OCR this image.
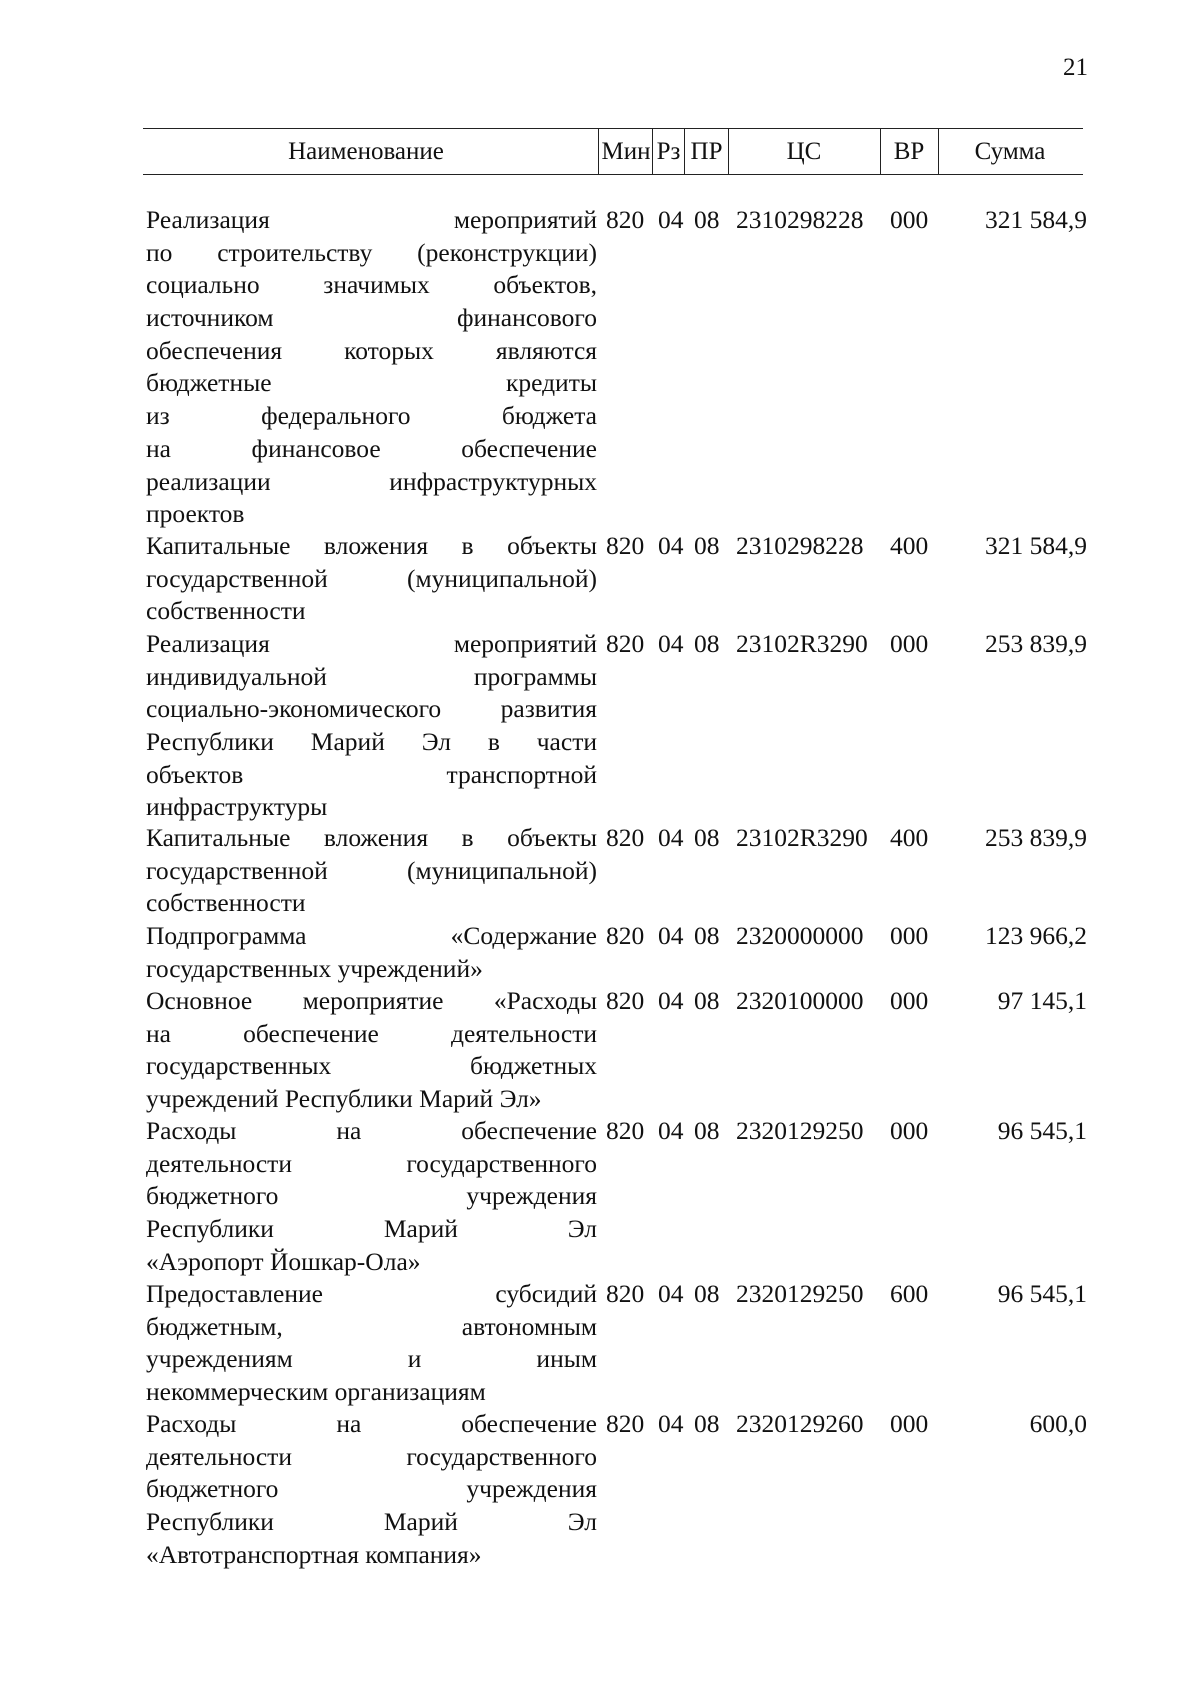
21
Наименование	Мин Рз ПР	ЦС	ВР	Сумма
Реализация мероприятий
по строительству (реконструкции)
социально значимых объектов,
источником финансового
обеспечения которых являются
бюджетные кредиты
из федерального бюджета
на финансовое обеспечение
реализации инфраструктурных
проектов
820 04 08 2310298228 000 321 584,9
Капитальные вложения в объекты
государственной (муниципальной)
собственности
820 04 08 2310298228 400 321 584,9
Реализация мероприятий
индивидуальной программы
социально-экономического развития
Республики Марий Эл в части
объектов транспортной
инфраструктуры
820 04 08 23102R3290 000 253 839,9
Капитальные вложения в объекты
государственной (муниципальной)
собственности
820 04 08 23102R3290 400 253 839,9
Подпрограмма «Содержание
государственных учреждений»
820 04 08 2320000000 000 123 966,2
Основное мероприятие «Расходы
на обеспечение деятельности
государственных бюджетных
учреждений Республики Марий Эл»
820 04 08 2320100000 000	97 145,1
Расходы на обеспечение
деятельности государственного
бюджетного учреждения
Республики Марий Эл
«Аэропорт Йошкар-Ола»
820 04 08 2320129250 000	96 545,1
Предоставление субсидий
бюджетным, автономным
учреждениям и иным
некоммерческим организациям
820 04 08 2320129250 600	96 545,1
Расходы на обеспечение
деятельности государственного
бюджетного учреждения
Республики Марий Эл
«Автотранспортная компания»
820 04 08 2320129260 000	600,0
